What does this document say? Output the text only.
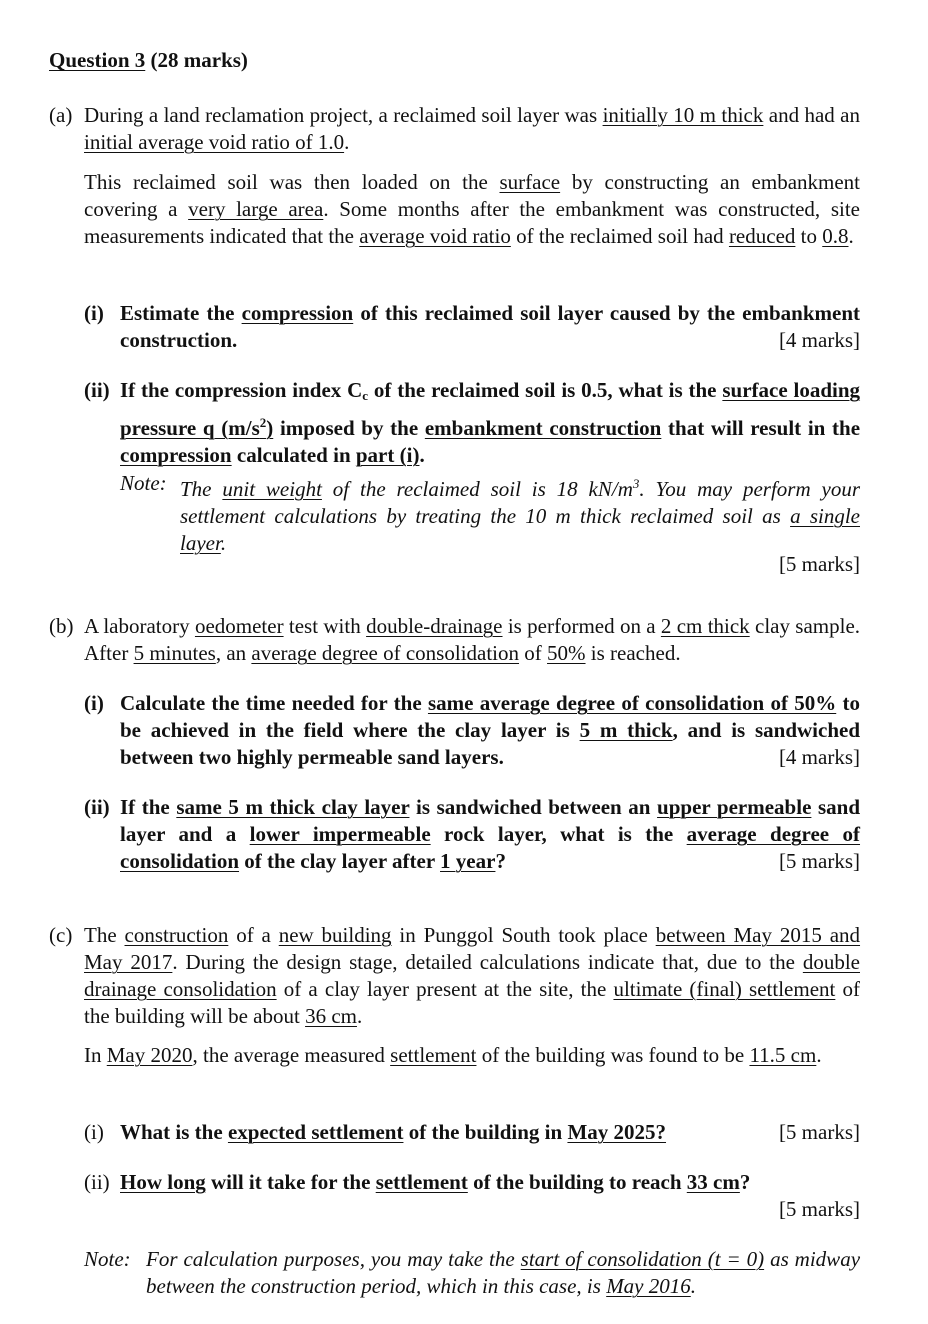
Question 3 (28 marks)
(a) During a land reclamation project, a reclaimed soil layer was initially 10 m thick and had an initial average void ratio of 1.0.
This reclaimed soil was then loaded on the surface by constructing an embankment covering a very large area. Some months after the embankment was constructed, site measurements indicated that the average void ratio of the reclaimed soil had reduced to 0.8.
(i) Estimate the compression of this reclaimed soil layer caused by the embankment construction.	[4 marks]
(ii) If the compression index $C_c$ of the reclaimed soil is 0.5, what is the surface loading pressure q $(m/s^2)$ imposed by the embankment construction that will result in the compression calculated in part (i).
Note: The unit weight of the reclaimed soil is 18 $kN/m^3$. You may perform your settlement calculations by treating the 10 m thick reclaimed soil as a single layer.
[5 marks]
(b) A laboratory oedometer test with double-drainage is performed on a 2 cm thick clay sample. After 5 minutes, an average degree of consolidation of 50% is reached.
(i) Calculate the time needed for the same average degree of consolidation of 50% to be achieved in the field where the clay layer is 5 m thick, and is sandwiched between two highly permeable sand layers.	[4 marks]
(ii) If the same 5 m thick clay layer is sandwiched between an upper permeable sand layer and a lower impermeable rock layer, what is the average degree of consolidation of the clay layer after 1 year?	[5 marks]
(c) The construction of a new building in Punggol South took place between May 2015 and May 2017. During the design stage, detailed calculations indicate that, due to the double drainage consolidation of a clay layer present at the site, the ultimate (final) settlement of the building will be about 36 cm.
In May 2020, the average measured settlement of the building was found to be 11.5 cm.
(i) What is the expected settlement of the building in May 2025?	[5 marks]
(ii) How long will it take for the settlement of the building to reach 33 cm?
[5 marks]
Note: For calculation purposes, you may take the start of consolidation (t = 0) as midway between the construction period, which in this case, is May 2016.
